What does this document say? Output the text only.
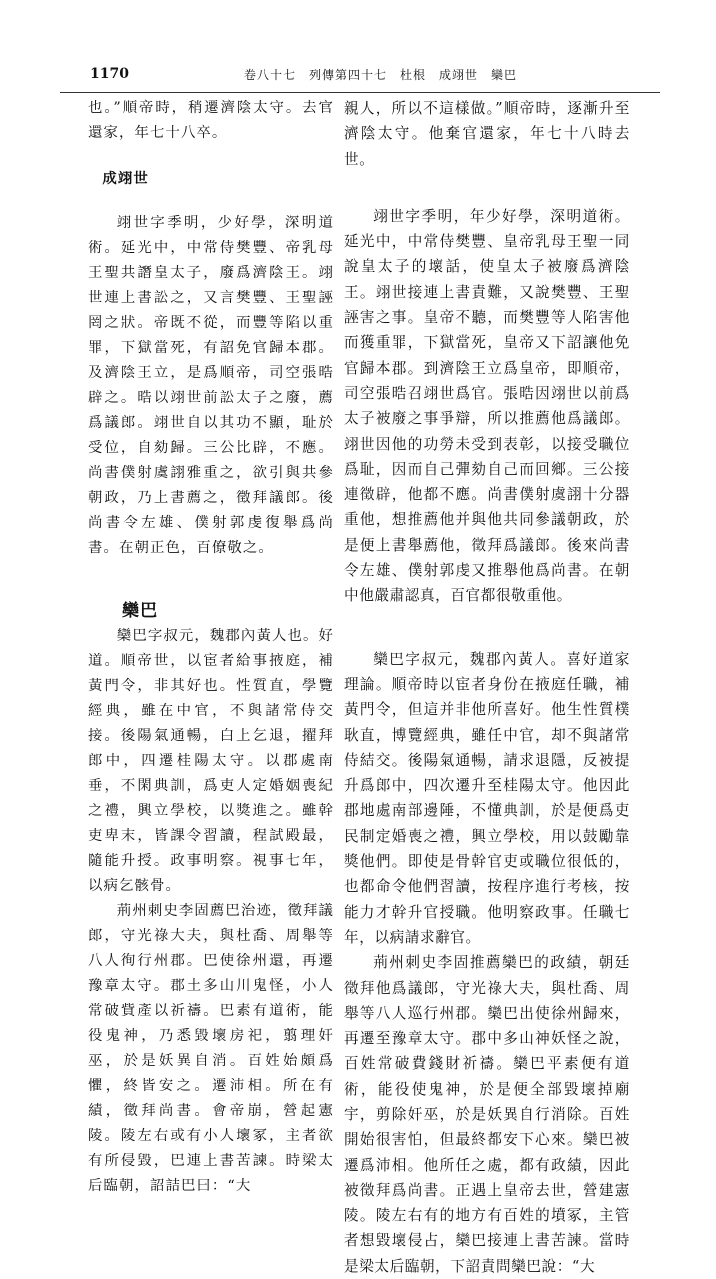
1170	卷八十七　列傳第四十七　杜根　成翊世　欒巴

也。”順帝時，稍遷濟陰太守。去官還家，年七十八卒。

成翊世

翊世字季明，少好學，深明道術。延光中，中常侍樊豐、帝乳母王聖共譖皇太子，廢爲濟陰王。翊世連上書訟之，又言樊豐、王聖誣罔之狀。帝既不從，而豐等陷以重罪，下獄當死，有詔免官歸本郡。及濟陰王立，是爲順帝，司空張晧辟之。晧以翊世前訟太子之廢，薦爲議郎。翊世自以其功不顯，耻於受位，自劾歸。三公比辟，不應。尚書僕射虞詡雅重之，欲引與共參朝政，乃上書薦之，徵拜議郎。後尚書令左雄、僕射郭虔復舉爲尚書。在朝正色，百僚敬之。

欒巴

欒巴字叔元，魏郡內黃人也。好道。順帝世，以宦者給事掖庭，補黃門令，非其好也。性質直，學覽經典，雖在中官，不與諸常侍交接。後陽氣通暢，白上乞退，擢拜郎中，四遷桂陽太守。以郡處南垂，不閑典訓，爲吏人定婚姻喪紀之禮，興立學校，以獎進之。雖幹吏卑末，皆課令習讀，程試殿最，隨能升授。政事明察。視事七年，以病乞骸骨。

荊州刺史李固薦巴治迹，徵拜議郎，守光祿大夫，與杜喬、周舉等八人徇行州郡。巴使徐州還，再遷豫章太守。郡土多山川鬼怪，小人常破貲產以祈禱。巴素有道術，能役鬼神，乃悉毀壞房祀，翦理奸巫，於是妖異自消。百姓始頗爲懼，終皆安之。遷沛相。所在有績，徵拜尚書。會帝崩，營起憲陵。陵左右或有小人壞冢，主者欲有所侵毀，巴連上書苦諫。時梁太后臨朝，詔詰巴曰：“大

親人，所以不這樣做。”順帝時，逐漸升至濟陰太守。他棄官還家，年七十八時去世。

翊世字季明，年少好學，深明道術。延光中，中常侍樊豐、皇帝乳母王聖一同說皇太子的壞話，使皇太子被廢爲濟陰王。翊世接連上書責難，又說樊豐、王聖誣害之事。皇帝不聽，而樊豐等人陷害他而獲重罪，下獄當死，皇帝又下詔讓他免官歸本郡。到濟陰王立爲皇帝，即順帝，司空張晧召翊世爲官。張晧因翊世以前爲太子被廢之事爭辯，所以推薦他爲議郎。翊世因他的功勞未受到表彰，以接受職位爲耻，因而自己彈劾自己而回鄉。三公接連徵辟，他都不應。尚書僕射虞詡十分器重他，想推薦他并與他共同參議朝政，於是便上書舉薦他，徵拜爲議郎。後來尚書令左雄、僕射郭虔又推舉他爲尚書。在朝中他嚴肅認真，百官都很敬重他。

欒巴字叔元，魏郡內黃人。喜好道家理論。順帝時以宦者身份在掖庭任職，補黃門令，但這并非他所喜好。他生性質樸耿直，博覽經典，雖任中官，却不與諸常侍結交。後陽氣通暢，請求退隱，反被提升爲郎中，四次遷升至桂陽太守。他因此郡地處南部邊陲，不懂典訓，於是便爲吏民制定婚喪之禮，興立學校，用以鼓勵靠獎他們。即使是骨幹官吏或職位很低的，也都命令他們習讀，按程序進行考核，按能力才幹升官授職。他明察政事。任職七年，以病請求辭官。

荊州刺史李固推薦欒巴的政績，朝廷徵拜他爲議郎，守光祿大夫，與杜喬、周舉等八人巡行州郡。欒巴出使徐州歸來，再遷至豫章太守。郡中多山神妖怪之說，百姓常破費錢財祈禱。欒巴平素便有道術，能役使鬼神，於是便全部毀壞掉廟宇，剪除奸巫，於是妖異自行消除。百姓開始很害怕，但最終都安下心來。欒巴被遷爲沛相。他所任之處，都有政績，因此被徵拜爲尚書。正遇上皇帝去世，營建憲陵。陵左右有的地方有百姓的墳冢，主管者想毀壞侵占，欒巴接連上書苦諫。當時是梁太后臨朝，下詔責問欒巴說：“大
